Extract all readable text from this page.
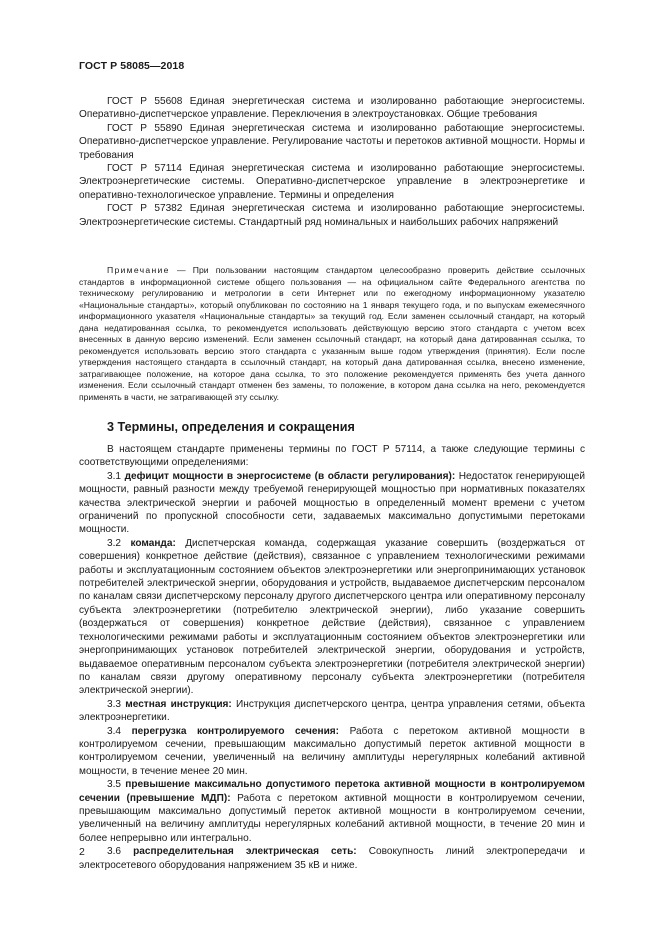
ГОСТ Р 58085—2018

ГОСТ Р 55608 Единая энергетическая система и изолированно работающие энергосистемы. Оперативно-диспетчерское управление. Переключения в электроустановках. Общие требования

ГОСТ Р 55890 Единая энергетическая система и изолированно работающие энергосистемы. Оперативно-диспетчерское управление. Регулирование частоты и перетоков активной мощности. Нормы и требования

ГОСТ Р 57114 Единая энергетическая система и изолированно работающие энергосистемы. Электроэнергетические системы. Оперативно-диспетчерское управление в электроэнергетике и оперативно-технологическое управление. Термины и определения

ГОСТ Р 57382 Единая энергетическая система и изолированно работающие энергосистемы. Электроэнергетические системы. Стандартный ряд номинальных и наибольших рабочих напряжений

Примечание — При пользовании настоящим стандартом целесообразно проверить действие ссылочных стандартов в информационной системе общего пользования — на официальном сайте Федерального агентства по техническому регулированию и метрологии в сети Интернет или по ежегодному информационному указателю «Национальные стандарты», который опубликован по состоянию на 1 января текущего года, и по выпускам ежемесячного информационного указателя «Национальные стандарты» за текущий год. Если заменен ссылочный стандарт, на который дана недатированная ссылка, то рекомендуется использовать действующую версию этого стандарта с учетом всех внесенных в данную версию изменений. Если заменен ссылочный стандарт, на который дана датированная ссылка, то рекомендуется использовать версию этого стандарта с указанным выше годом утверждения (принятия). Если после утверждения настоящего стандарта в ссылочный стандарт, на который дана датированная ссылка, внесено изменение, затрагивающее положение, на которое дана ссылка, то это положение рекомендуется применять без учета данного изменения. Если ссылочный стандарт отменен без замены, то положение, в котором дана ссылка на него, рекомендуется применять в части, не затрагивающей эту ссылку.
3 Термины, определения и сокращения

В настоящем стандарте применены термины по ГОСТ Р 57114, а также следующие термины с соответствующими определениями:

3.1 дефицит мощности в энергосистеме (в области регулирования): Недостаток генерирующей мощности, равный разности между требуемой генерирующей мощностью при нормативных показателях качества электрической энергии и рабочей мощностью в определенный момент времени с учетом ограничений по пропускной способности сети, задаваемых максимально допустимыми перетоками мощности.

3.2 команда: Диспетчерская команда, содержащая указание совершить (воздержаться от совершения) конкретное действие (действия), связанное с управлением технологическими режимами работы и эксплуатационным состоянием объектов электроэнергетики или энергопринимающих установок потребителей электрической энергии, оборудования и устройств, выдаваемое диспетчерским персоналом по каналам связи диспетчерскому персоналу другого диспетчерского центра или оперативному персоналу субъекта электроэнергетики (потребителю электрической энергии), либо указание совершить (воздержаться от совершения) конкретное действие (действия), связанное с управлением технологическими режимами работы и эксплуатационным состоянием объектов электроэнергетики или энергопринимающих установок потребителей электрической энергии, оборудования и устройств, выдаваемое оперативным персоналом субъекта электроэнергетики (потребителя электрической энергии) по каналам связи другому оперативному персоналу субъекта электроэнергетики (потребителя электрической энергии).

3.3 местная инструкция: Инструкция диспетчерского центра, центра управления сетями, объекта электроэнергетики.

3.4 перегрузка контролируемого сечения: Работа с перетоком активной мощности в контролируемом сечении, превышающим максимально допустимый переток активной мощности в контролируемом сечении, увеличенный на величину амплитуды нерегулярных колебаний активной мощности, в течение менее 20 мин.

3.5 превышение максимально допустимого перетока активной мощности в контролируемом сечении (превышение МДП): Работа с перетоком активной мощности в контролируемом сечении, превышающим максимально допустимый переток активной мощности в контролируемом сечении, увеличенный на величину амплитуды нерегулярных колебаний активной мощности, в течение 20 мин и более непрерывно или интегрально.

3.6 распределительная электрическая сеть: Совокупность линий электропередачи и электросетевого оборудования напряжением 35 кВ и ниже.

2
